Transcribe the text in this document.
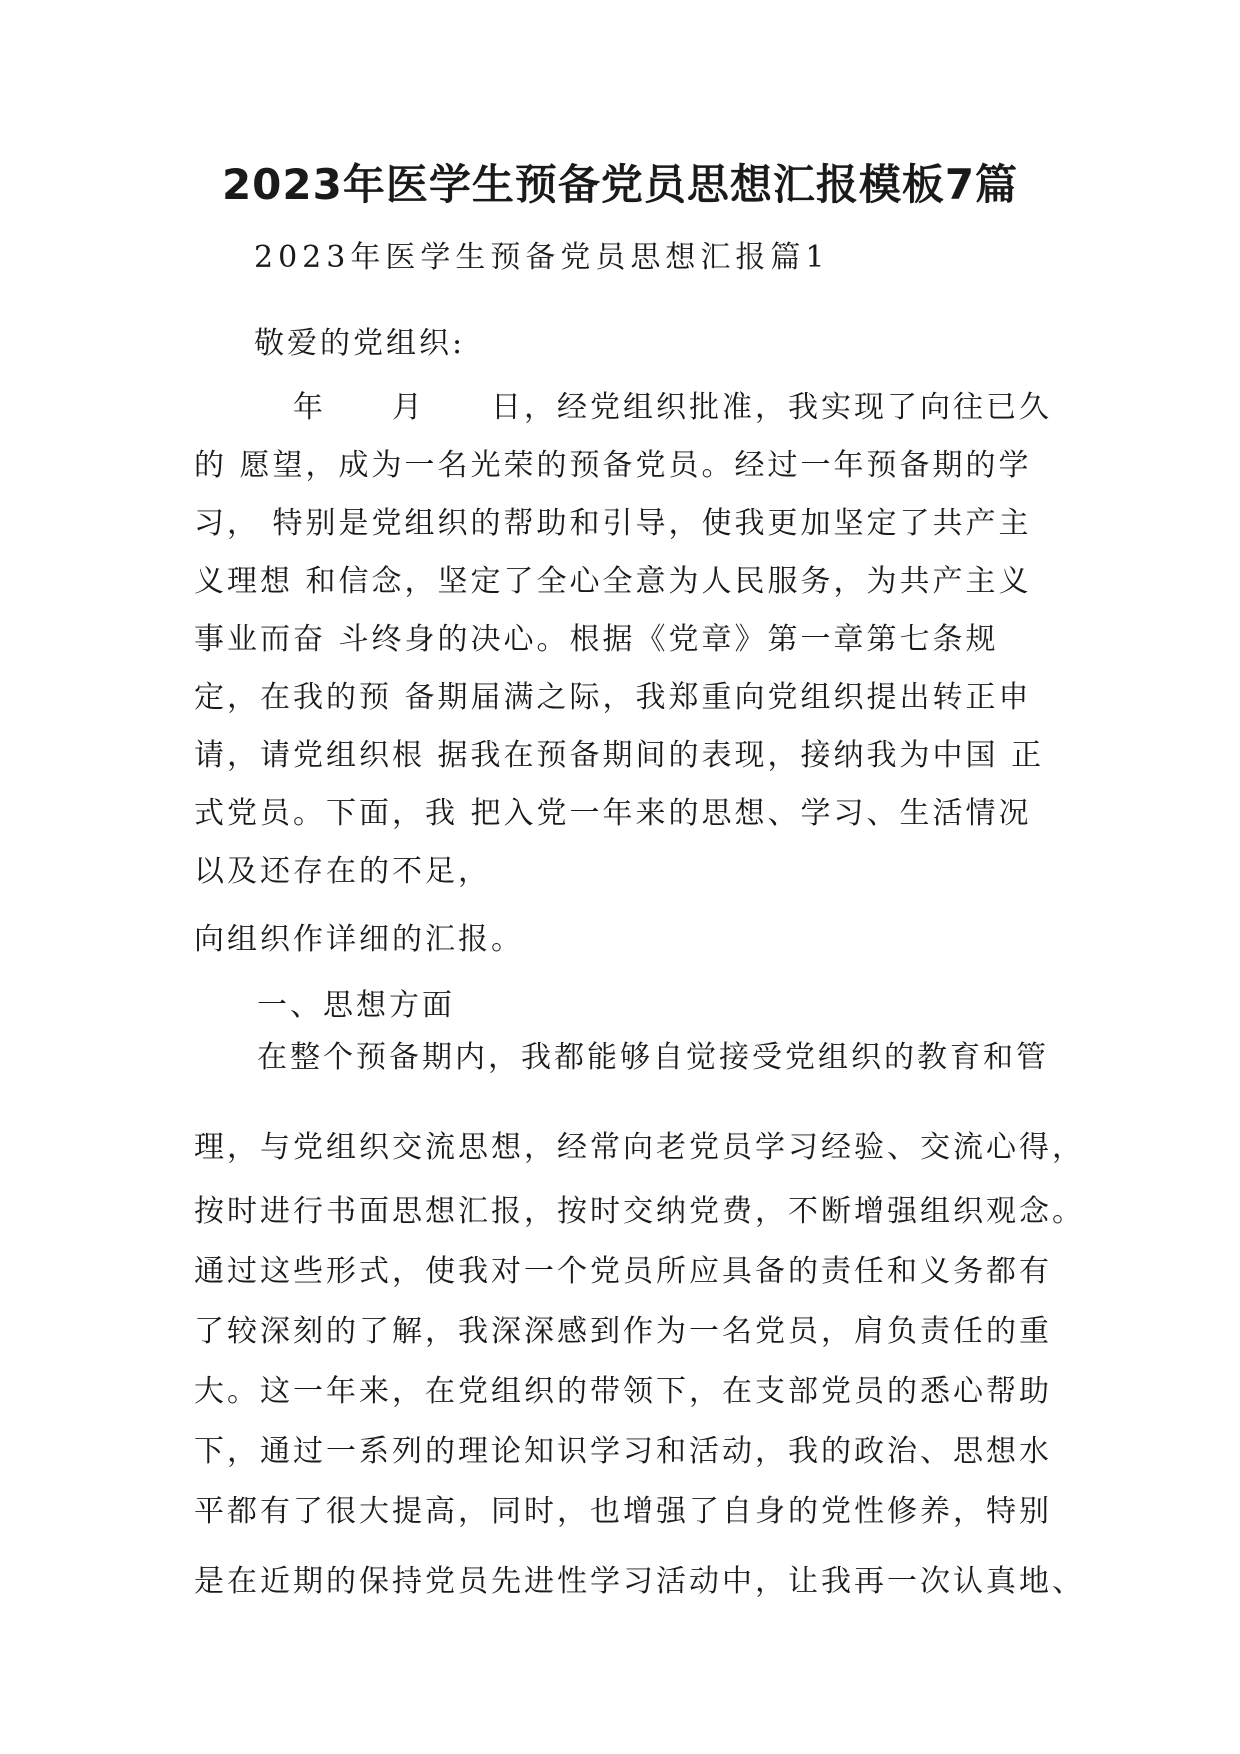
2023年医学生预备党员思想汇报模板7篇
2023年医学生预备党员思想汇报篇1
敬爱的党组织:
　　　年　　月　　日，经党组织批准，我实现了向往已久
的 愿望，成为一名光荣的预备党员。经过一年预备期的学
习， 特别是党组织的帮助和引导，使我更加坚定了共产主
义理想 和信念，坚定了全心全意为人民服务，为共产主义
事业而奋 斗终身的决心。根据《党章》第一章第七条规
定，在我的预 备期届满之际，我郑重向党组织提出转正申
请，请党组织根 据我在预备期间的表现，接纳我为中国 正
式党员。下面，我 把入党一年来的思想、学习、生活情况
以及还存在的不足，
向组织作详细的汇报。
　一、思想方面
　在整个预备期内，我都能够自觉接受党组织的教育和管
理，与党组织交流思想，经常向老党员学习经验、交流心得，
按时进行书面思想汇报，按时交纳党费，不断增强组织观念。
通过这些形式，使我对一个党员所应具备的责任和义务都有
了较深刻的了解，我深深感到作为一名党员，肩负责任的重
大。这一年来，在党组织的带领下，在支部党员的悉心帮助
下，通过一系列的理论知识学习和活动，我的政治、思想水
平都有了很大提高，同时，也增强了自身的党性修养，特别
是在近期的保持党员先进性学习活动中，让我再一次认真地、
